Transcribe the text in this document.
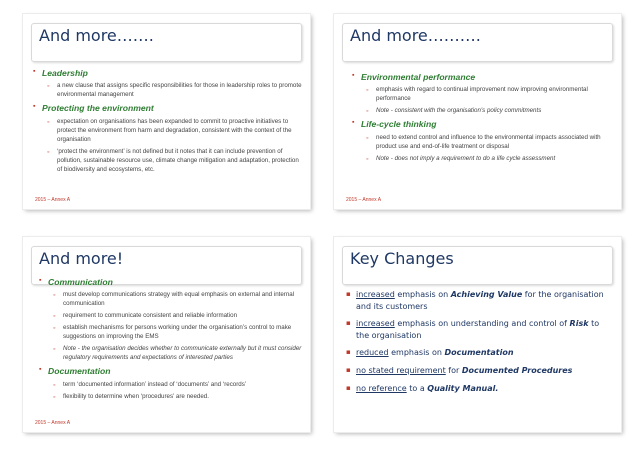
And more…….
▪ Leadership
◦ a new clause that assigns specific responsibilities for those in leadership roles to promote environmental management
▪ Protecting the environment
◦ expectation on organisations has been expanded to commit to proactive initiatives to protect the environment from harm and degradation, consistent with the context of the organisation
◦ ‘protect the environment’ is not defined but it notes that it can include prevention of pollution, sustainable resource use, climate change mitigation and adaptation, protection of biodiversity and ecosystems, etc.
2015 – Annex A
And more……….
▪ Environmental performance
◦ emphasis with regard to continual improvement now improving environmental performance
◦ Note - consistent with the organisation’s policy commitments
▪ Life-cycle thinking
◦ need to extend control and influence to the environmental impacts associated with product use and end-of-life treatment or disposal
◦ Note - does not imply a requirement to do a life cycle assessment
2015 – Annex A
And more!
▪ Communication
◦ must develop communications strategy with equal emphasis on external and internal communication
◦ requirement to communicate consistent and reliable information
◦ establish mechanisms for persons working under the organisation’s control to make suggestions on improving the EMS
◦ Note - the organisation decides whether to communicate externally but it must consider regulatory requirements and expectations of interested parties
▪ Documentation
◦ term ‘documented information’ instead of ‘documents’ and ‘records’
◦ flexibility to determine when ‘procedures’ are needed.
2015 – Annex A
Key Changes
▪ increased emphasis on Achieving Value for the organisation and its customers
▪ increased emphasis on understanding and control of Risk to the organisation
▪ reduced emphasis on Documentation
▪ no stated requirement for Documented Procedures
▪ no reference to a Quality Manual.
